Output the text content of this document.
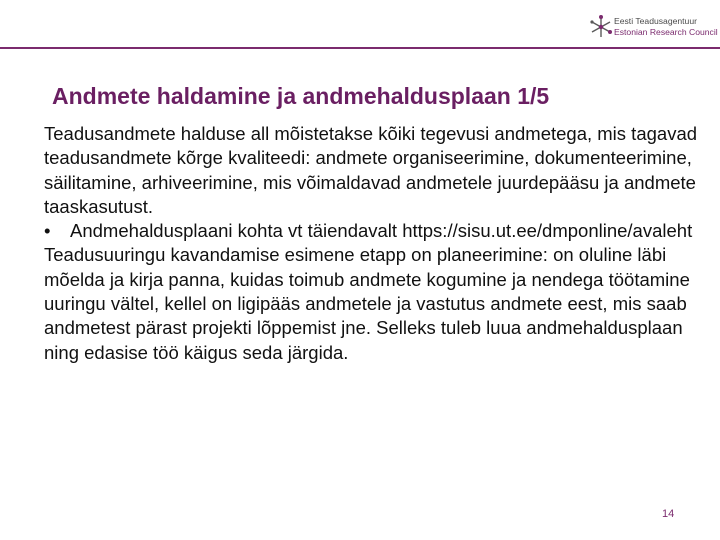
Eesti Teadusagentuur
Estonian Research Council
Andmete haldamine ja andmehaldusplaan 1/5

Teadusandmete halduse all mõistetakse kõiki tegevusi andmetega, mis tagavad teadusandmete kõrge kvaliteedi: andmete organiseerimine, dokumenteerimine, säilitamine, arhiveerimine, mis võimaldavad andmetele juurdepääsu ja andmete taaskasutust.

•	Andmehaldusplaani kohta vt täiendavalt https://sisu.ut.ee/dmponline/avaleht

Teadusuuringu kavandamise esimene etapp on planeerimine: on oluline läbi mõelda ja kirja panna, kuidas toimub andmete kogumine ja nendega töötamine uuringu vältel, kellel on ligipääs andmetele ja vastutus andmete eest, mis saab andmetest pärast projekti lõppemist jne. Selleks tuleb luua andmehaldusplaan ning edasise töö käigus seda järgida.

14
